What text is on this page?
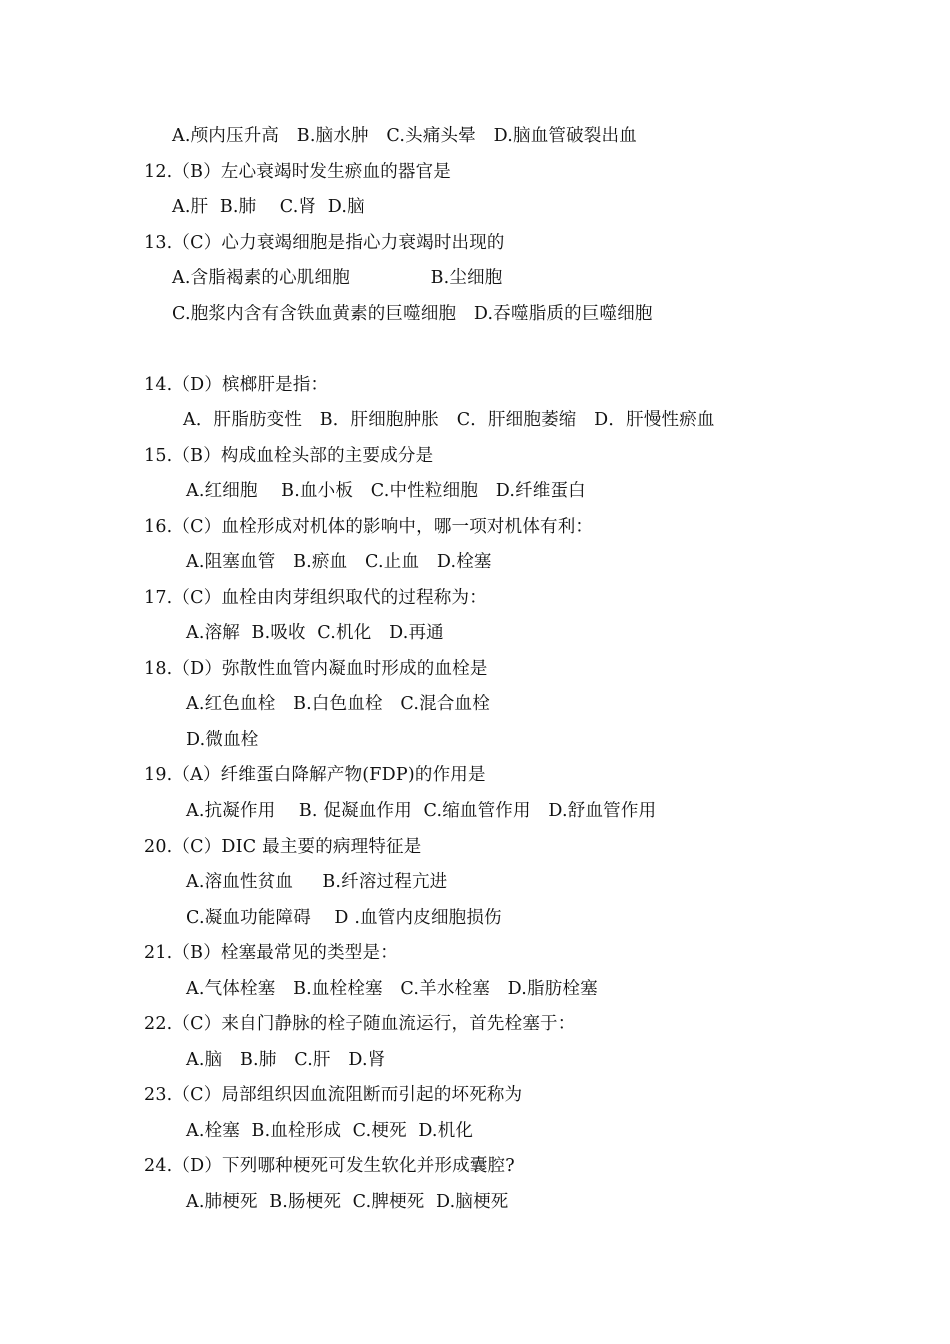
A.颅内压升高　B.脑水肿　C.头痛头晕　D.脑血管破裂出血
12.（B）左心衰竭时发生瘀血的器官是
A.肝  B.肺　 C.肾  D.脑
13.（C）心力衰竭细胞是指心力衰竭时出现的
A.含脂褐素的心肌细胞              B.尘细胞
C.胞浆内含有含铁血黄素的巨噬细胞　D.吞噬脂质的巨噬细胞
14.（D）槟榔肝是指：
A．肝脂肪变性　B．肝细胞肿胀　C．肝细胞萎缩　D．肝慢性瘀血
15.（B）构成血栓头部的主要成分是
A.红细胞　 B.血小板　C.中性粒细胞　D.纤维蛋白
16.（C）血栓形成对机体的影响中，哪一项对机体有利：
A.阻塞血管　B.瘀血　C.止血　D.栓塞
17.（C）血栓由肉芽组织取代的过程称为：
A.溶解  B.吸收  C.机化　D.再通
18.（D）弥散性血管内凝血时形成的血栓是
A.红色血栓　B.白色血栓　C.混合血栓
D.微血栓
19.（A）纤维蛋白降解产物(FDP)的作用是
A.抗凝作用　 B. 促凝血作用  C.缩血管作用　D.舒血管作用
20.（C）DIC 最主要的病理特征是
A.溶血性贫血　  B.纤溶过程亢进
C.凝血功能障碍　 D .血管内皮细胞损伤
21.（B）栓塞最常见的类型是：
A.气体栓塞　B.血栓栓塞　C.羊水栓塞　D.脂肪栓塞
22.（C）来自门静脉的栓子随血流运行，首先栓塞于：
A.脑　B.肺　C.肝　D.肾
23.（C）局部组织因血流阻断而引起的坏死称为
A.栓塞  B.血栓形成  C.梗死  D.机化
24.（D）下列哪种梗死可发生软化并形成囊腔?
A.肺梗死  B.肠梗死  C.脾梗死  D.脑梗死
